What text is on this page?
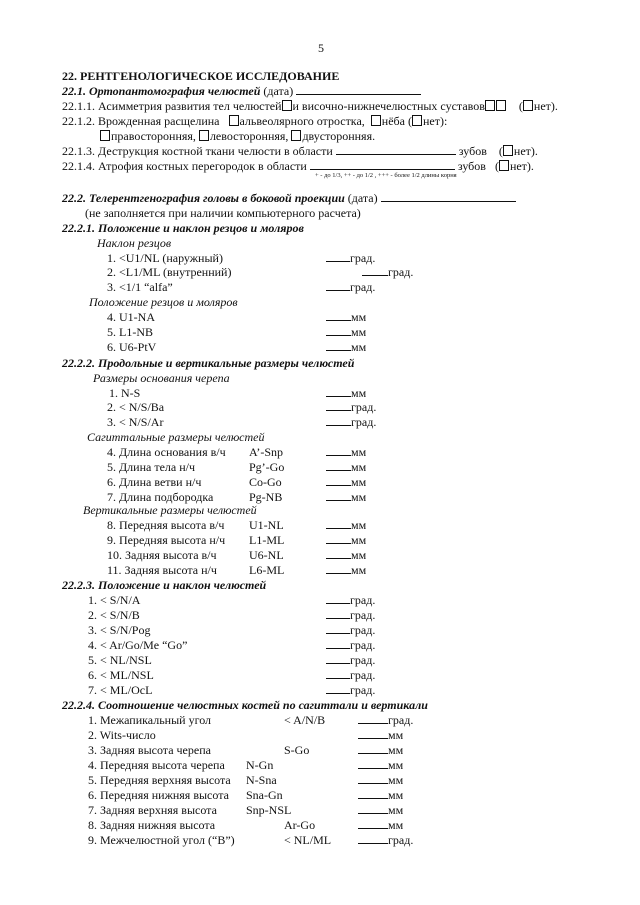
5
22. РЕНТГЕНОЛОГИЧЕСКОЕ ИССЛЕДОВАНИЕ
22.1. Ортопантомография челюстей (дата)
22.1.1. Асимметрия развития тел челюстей и височно-нижнечелюстных суставов    ( нет).
22.1.2. Врожденная расщелина альвеолярного отростка, нёба ( нет):
правосторонняя, левосторонняя, двусторонняя.
22.1.3. Деструкция костной ткани челюсти в области	зубов    ( нет).
22.1.4. Атрофия костных перегородок в области	зубов   ( нет).
+ - до 1/3, ++ - до 1/2 , +++ - более 1/2 длины корня
22.2. Телерентгенография головы в боковой проекции (дата)
(не заполняется при наличии компьютерного расчета)
22.2.1. Положение и наклон резцов и моляров
Наклон резцов
Положение резцов и моляров
22.2.2. Продольные и вертикальные размеры челюстей
Размеры основания черепа
Сагиттальные размеры челюстей
Вертикальные размеры челюстей
22.2.3. Положение и наклон челюстей
22.2.4. Соотношение челюстных костей по сагиттали и вертикали
1. <U1/NL (наружный)	град.
2. <L1/ML (внутренний)	град.
3. <1/1 “alfa”	град.
4. U1-NA	мм
5. L1-NB	мм
6. U6-PtV	мм
1. N-S	мм
2. < N/S/Ba	град.
3. < N/S/Ar	град.
4. Длина основания в/ч A’-Snp	мм
5. Длина тела н/ч	Pg’-Go	мм
6. Длина ветви н/ч	Co-Go	мм
7. Длина подбородка	Pg-NB	мм
8. Передняя высота в/ч U1-NL	мм
9. Передняя высота н/ч L1-ML	мм
10. Задняя высота в/ч	U6-NL	мм
11. Задняя высота н/ч	L6-ML	мм
1. < S/N/A	град.
2. < S/N/B	град.
3. < S/N/Pog	град.
4. < Ar/Go/Me “Go”	град.
5. < NL/NSL	град.
6. < ML/NSL	град.
7. < ML/OcL	град.
1. Межапикальный угол	< A/N/B	град.
2. Wits-число	мм
3. Задняя высота черепа	S-Go	мм
4. Передняя высота черепа N-Gn	мм
5. Передняя верхняя высота N-Sna	мм
6. Передняя нижняя высота Sna-Gn	мм
7. Задняя верхняя высота Snp-NSL	мм
8. Задняя нижняя высота	Ar-Go	мм
9. Межчелюстной угол (“B”)	< NL/ML	град.
